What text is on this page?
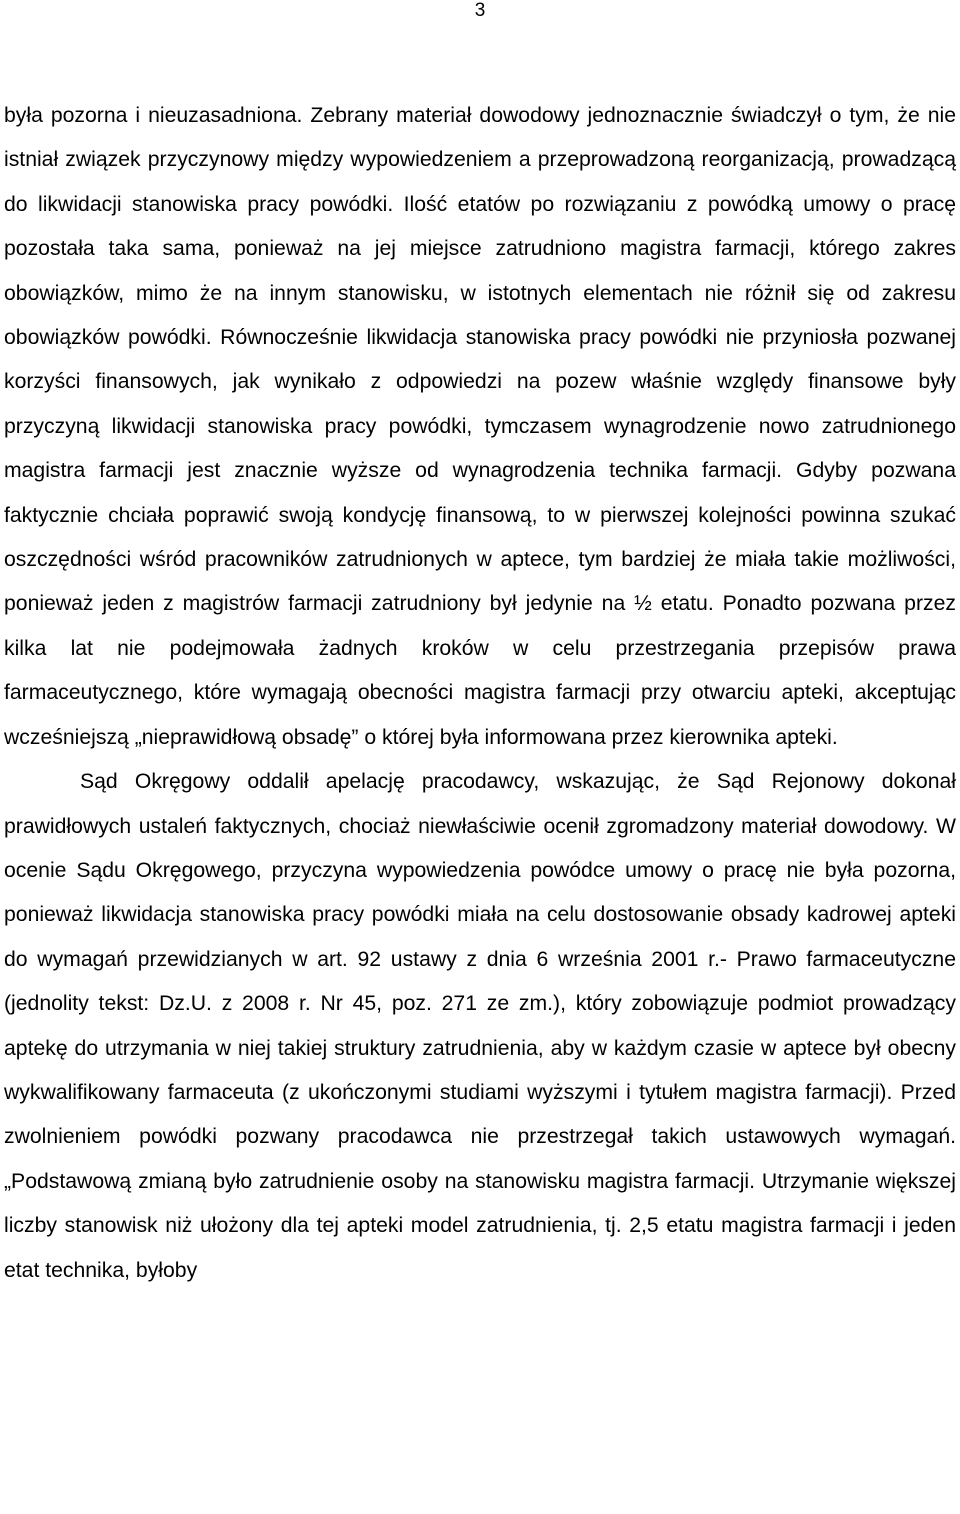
3

była pozorna i nieuzasadniona. Zebrany materiał dowodowy jednoznacznie świadczył o tym, że nie istniał związek przyczynowy między wypowiedzeniem a przeprowadzoną reorganizacją, prowadzącą do likwidacji stanowiska pracy powódki. Ilość etatów po rozwiązaniu z powódką umowy o pracę pozostała taka sama, ponieważ na jej miejsce zatrudniono magistra farmacji, którego zakres obowiązków, mimo że na innym stanowisku, w istotnych elementach nie różnił się od zakresu obowiązków powódki. Równocześnie likwidacja stanowiska pracy powódki nie przyniosła pozwanej korzyści finansowych, jak wynikało z odpowiedzi na pozew właśnie względy finansowe były przyczyną likwidacji stanowiska pracy powódki, tymczasem wynagrodzenie nowo zatrudnionego magistra farmacji jest znacznie wyższe od wynagrodzenia technika farmacji. Gdyby pozwana faktycznie chciała poprawić swoją kondycję finansową, to w pierwszej kolejności powinna szukać oszczędności wśród pracowników zatrudnionych w aptece, tym bardziej że miała takie możliwości, ponieważ jeden z magistrów farmacji zatrudniony był jedynie na ½ etatu. Ponadto pozwana przez kilka lat nie podejmowała żadnych kroków w celu przestrzegania przepisów prawa farmaceutycznego, które wymagają obecności magistra farmacji przy otwarciu apteki, akceptując wcześniejszą „nieprawidłową obsadę” o której była informowana przez kierownika apteki.

Sąd Okręgowy oddalił apelację pracodawcy, wskazując, że Sąd Rejonowy dokonał prawidłowych ustaleń faktycznych, chociaż niewłaściwie ocenił zgromadzony materiał dowodowy. W ocenie Sądu Okręgowego, przyczyna wypowiedzenia powódce umowy o pracę nie była pozorna, ponieważ likwidacja stanowiska pracy powódki miała na celu dostosowanie obsady kadrowej apteki do wymagań przewidzianych w art. 92 ustawy z dnia 6 września 2001 r.- Prawo farmaceutyczne (jednolity tekst: Dz.U. z 2008 r. Nr 45, poz. 271 ze zm.), który zobowiązuje podmiot prowadzący aptekę do utrzymania w niej takiej struktury zatrudnienia, aby w każdym czasie w aptece był obecny wykwalifikowany farmaceuta (z ukończonymi studiami wyższymi i tytułem magistra farmacji). Przed zwolnieniem powódki pozwany pracodawca nie przestrzegał takich ustawowych wymagań. „Podstawową zmianą było zatrudnienie osoby na stanowisku magistra farmacji. Utrzymanie większej liczby stanowisk niż ułożony dla tej apteki model zatrudnienia, tj. 2,5 etatu magistra farmacji i jeden etat technika, byłoby
